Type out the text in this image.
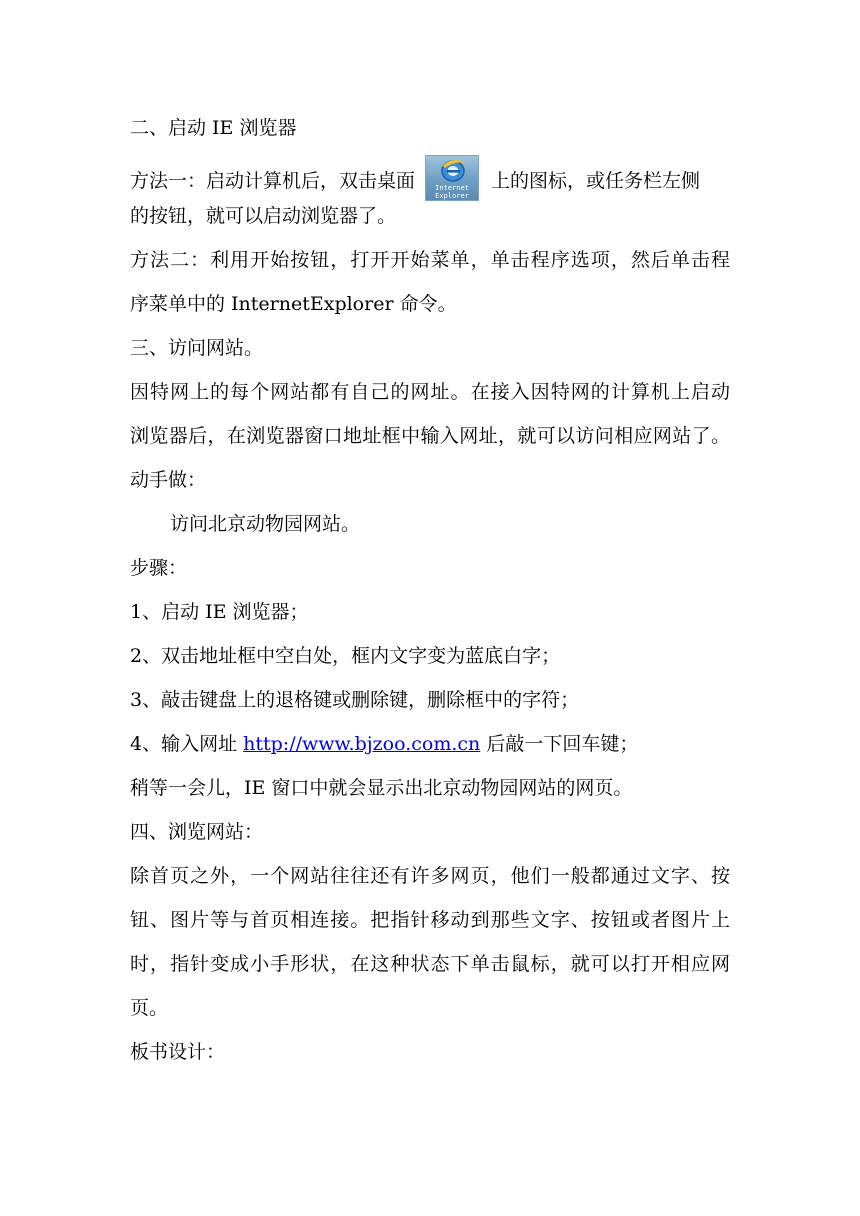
二、启动 IE 浏览器
方法一：启动计算机后，双击桌面	Internet
Explorer
上的图标，或任务栏左侧
的按钮，就可以启动浏览器了。
方法二：利用开始按钮，打开开始菜单，单击程序选项，然后单击程
序菜单中的 InternetExplorer 命令。
三、访问网站。
因特网上的每个网站都有自己的网址。在接入因特网的计算机上启动
浏览器后，在浏览器窗口地址框中输入网址，就可以访问相应网站了。
动手做：
访问北京动物园网站。
步骤：
1、启动 IE 浏览器；
2、双击地址框中空白处，框内文字变为蓝底白字；
3、敲击键盘上的退格键或删除键，删除框中的字符；
4、输入网址 http://www.bjzoo.com.cn 后敲一下回车键；
稍等一会儿，IE 窗口中就会显示出北京动物园网站的网页。
四、浏览网站：
除首页之外，一个网站往往还有许多网页，他们一般都通过文字、按
钮、图片等与首页相连接。把指针移动到那些文字、按钮或者图片上
时，指针变成小手形状，在这种状态下单击鼠标，就可以打开相应网
页。
板书设计：
